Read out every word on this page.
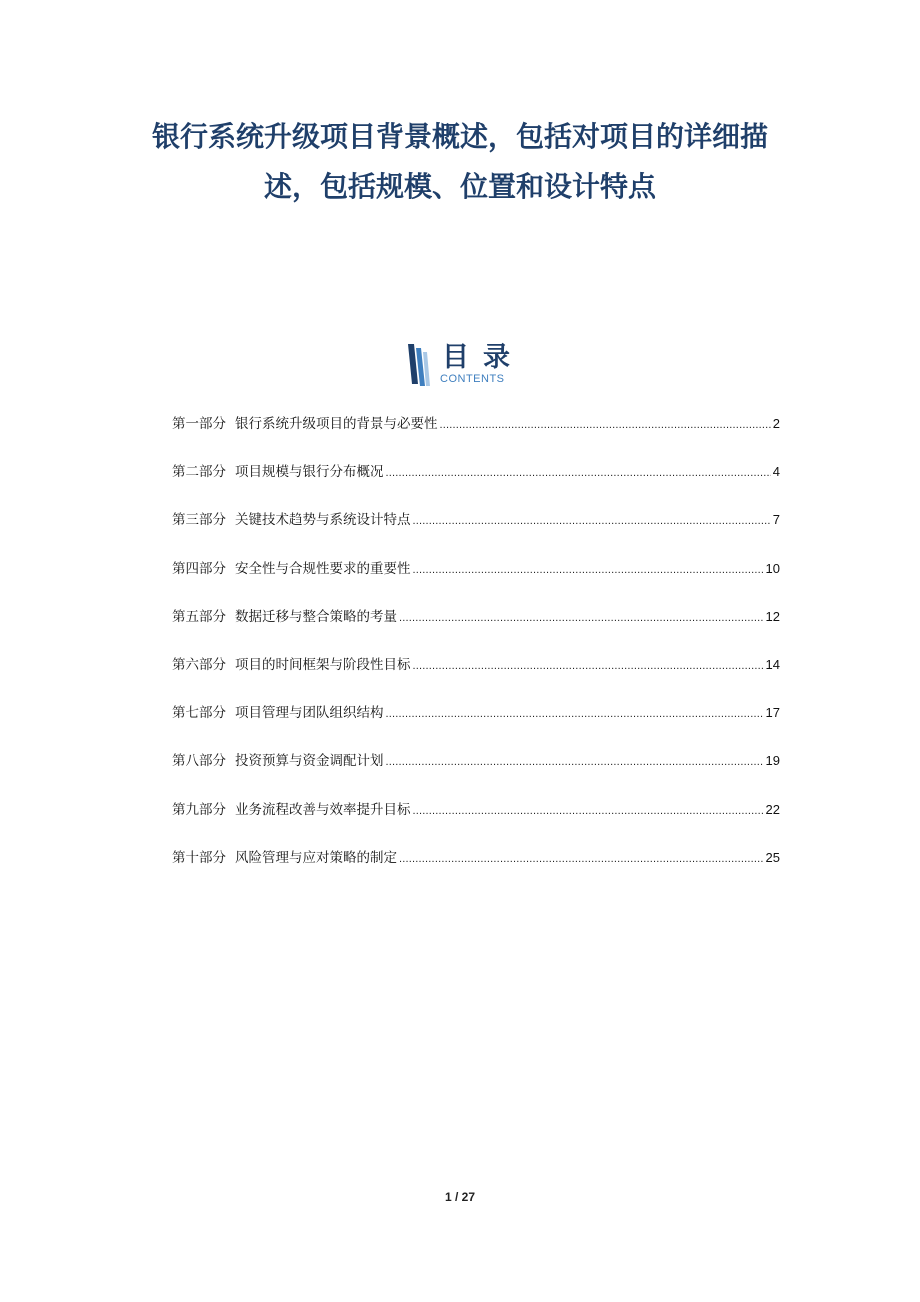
银行系统升级项目背景概述，包括对项目的详细描
述，包括规模、位置和设计特点
目录
CONTENTS
第一部分 银行系统升级项目的背景与必要性 .....	2
第二部分 项目规模与银行分布概况 .....	4
第三部分 关键技术趋势与系统设计特点 .....	7
第四部分 安全性与合规性要求的重要性 .....	10
第五部分 数据迁移与整合策略的考量 .....	12
第六部分 项目的时间框架与阶段性目标 .....	14
第七部分 项目管理与团队组织结构 .....	17
第八部分 投资预算与资金调配计划 .....	19
第九部分 业务流程改善与效率提升目标 .....	22
第十部分 风险管理与应对策略的制定 .....	25
1 / 27
